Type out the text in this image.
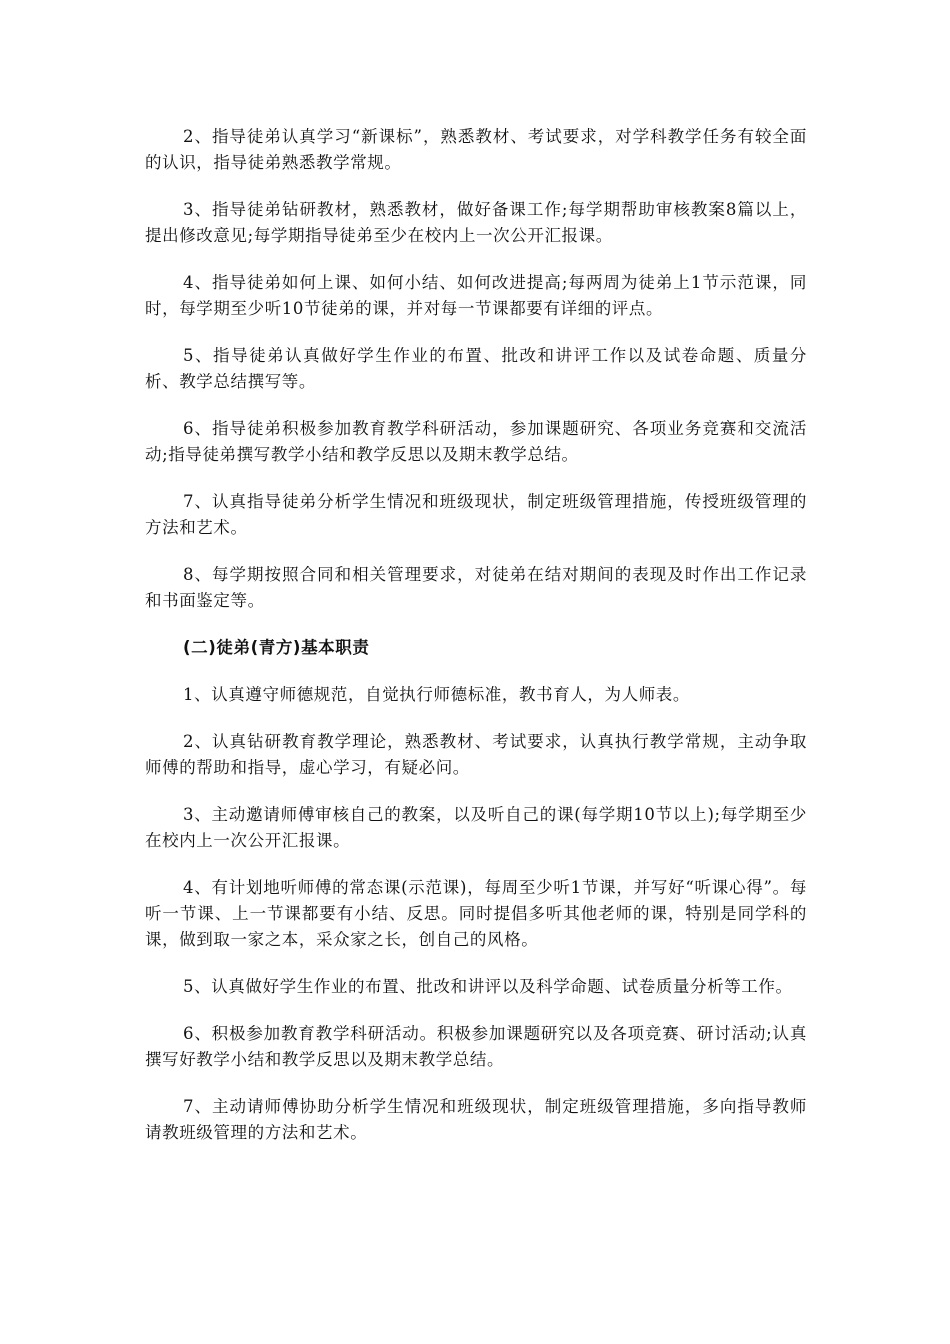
2、指导徒弟认真学习“新课标”，熟悉教材、考试要求，对学科教学任务有较全面的认识，指导徒弟熟悉教学常规。

3、指导徒弟钻研教材，熟悉教材，做好备课工作;每学期帮助审核教案8篇以上，提出修改意见;每学期指导徒弟至少在校内上一次公开汇报课。

4、指导徒弟如何上课、如何小结、如何改进提高;每两周为徒弟上1节示范课，同时，每学期至少听10节徒弟的课，并对每一节课都要有详细的评点。

5、指导徒弟认真做好学生作业的布置、批改和讲评工作以及试卷命题、质量分析、教学总结撰写等。

6、指导徒弟积极参加教育教学科研活动，参加课题研究、各项业务竞赛和交流活动;指导徒弟撰写教学小结和教学反思以及期末教学总结。

7、认真指导徒弟分析学生情况和班级现状，制定班级管理措施，传授班级管理的方法和艺术。

8、每学期按照合同和相关管理要求，对徒弟在结对期间的表现及时作出工作记录和书面鉴定等。

(二)徒弟(青方)基本职责

1、认真遵守师德规范，自觉执行师德标准，教书育人，为人师表。

2、认真钻研教育教学理论，熟悉教材、考试要求，认真执行教学常规，主动争取师傅的帮助和指导，虚心学习，有疑必问。

3、主动邀请师傅审核自己的教案，以及听自己的课(每学期10节以上);每学期至少在校内上一次公开汇报课。

4、有计划地听师傅的常态课(示范课)，每周至少听1节课，并写好“听课心得”。每听一节课、上一节课都要有小结、反思。同时提倡多听其他老师的课，特别是同学科的课，做到取一家之本，采众家之长，创自己的风格。

5、认真做好学生作业的布置、批改和讲评以及科学命题、试卷质量分析等工作。

6、积极参加教育教学科研活动。积极参加课题研究以及各项竞赛、研讨活动;认真撰写好教学小结和教学反思以及期末教学总结。

7、主动请师傅协助分析学生情况和班级现状，制定班级管理措施，多向指导教师请教班级管理的方法和艺术。
